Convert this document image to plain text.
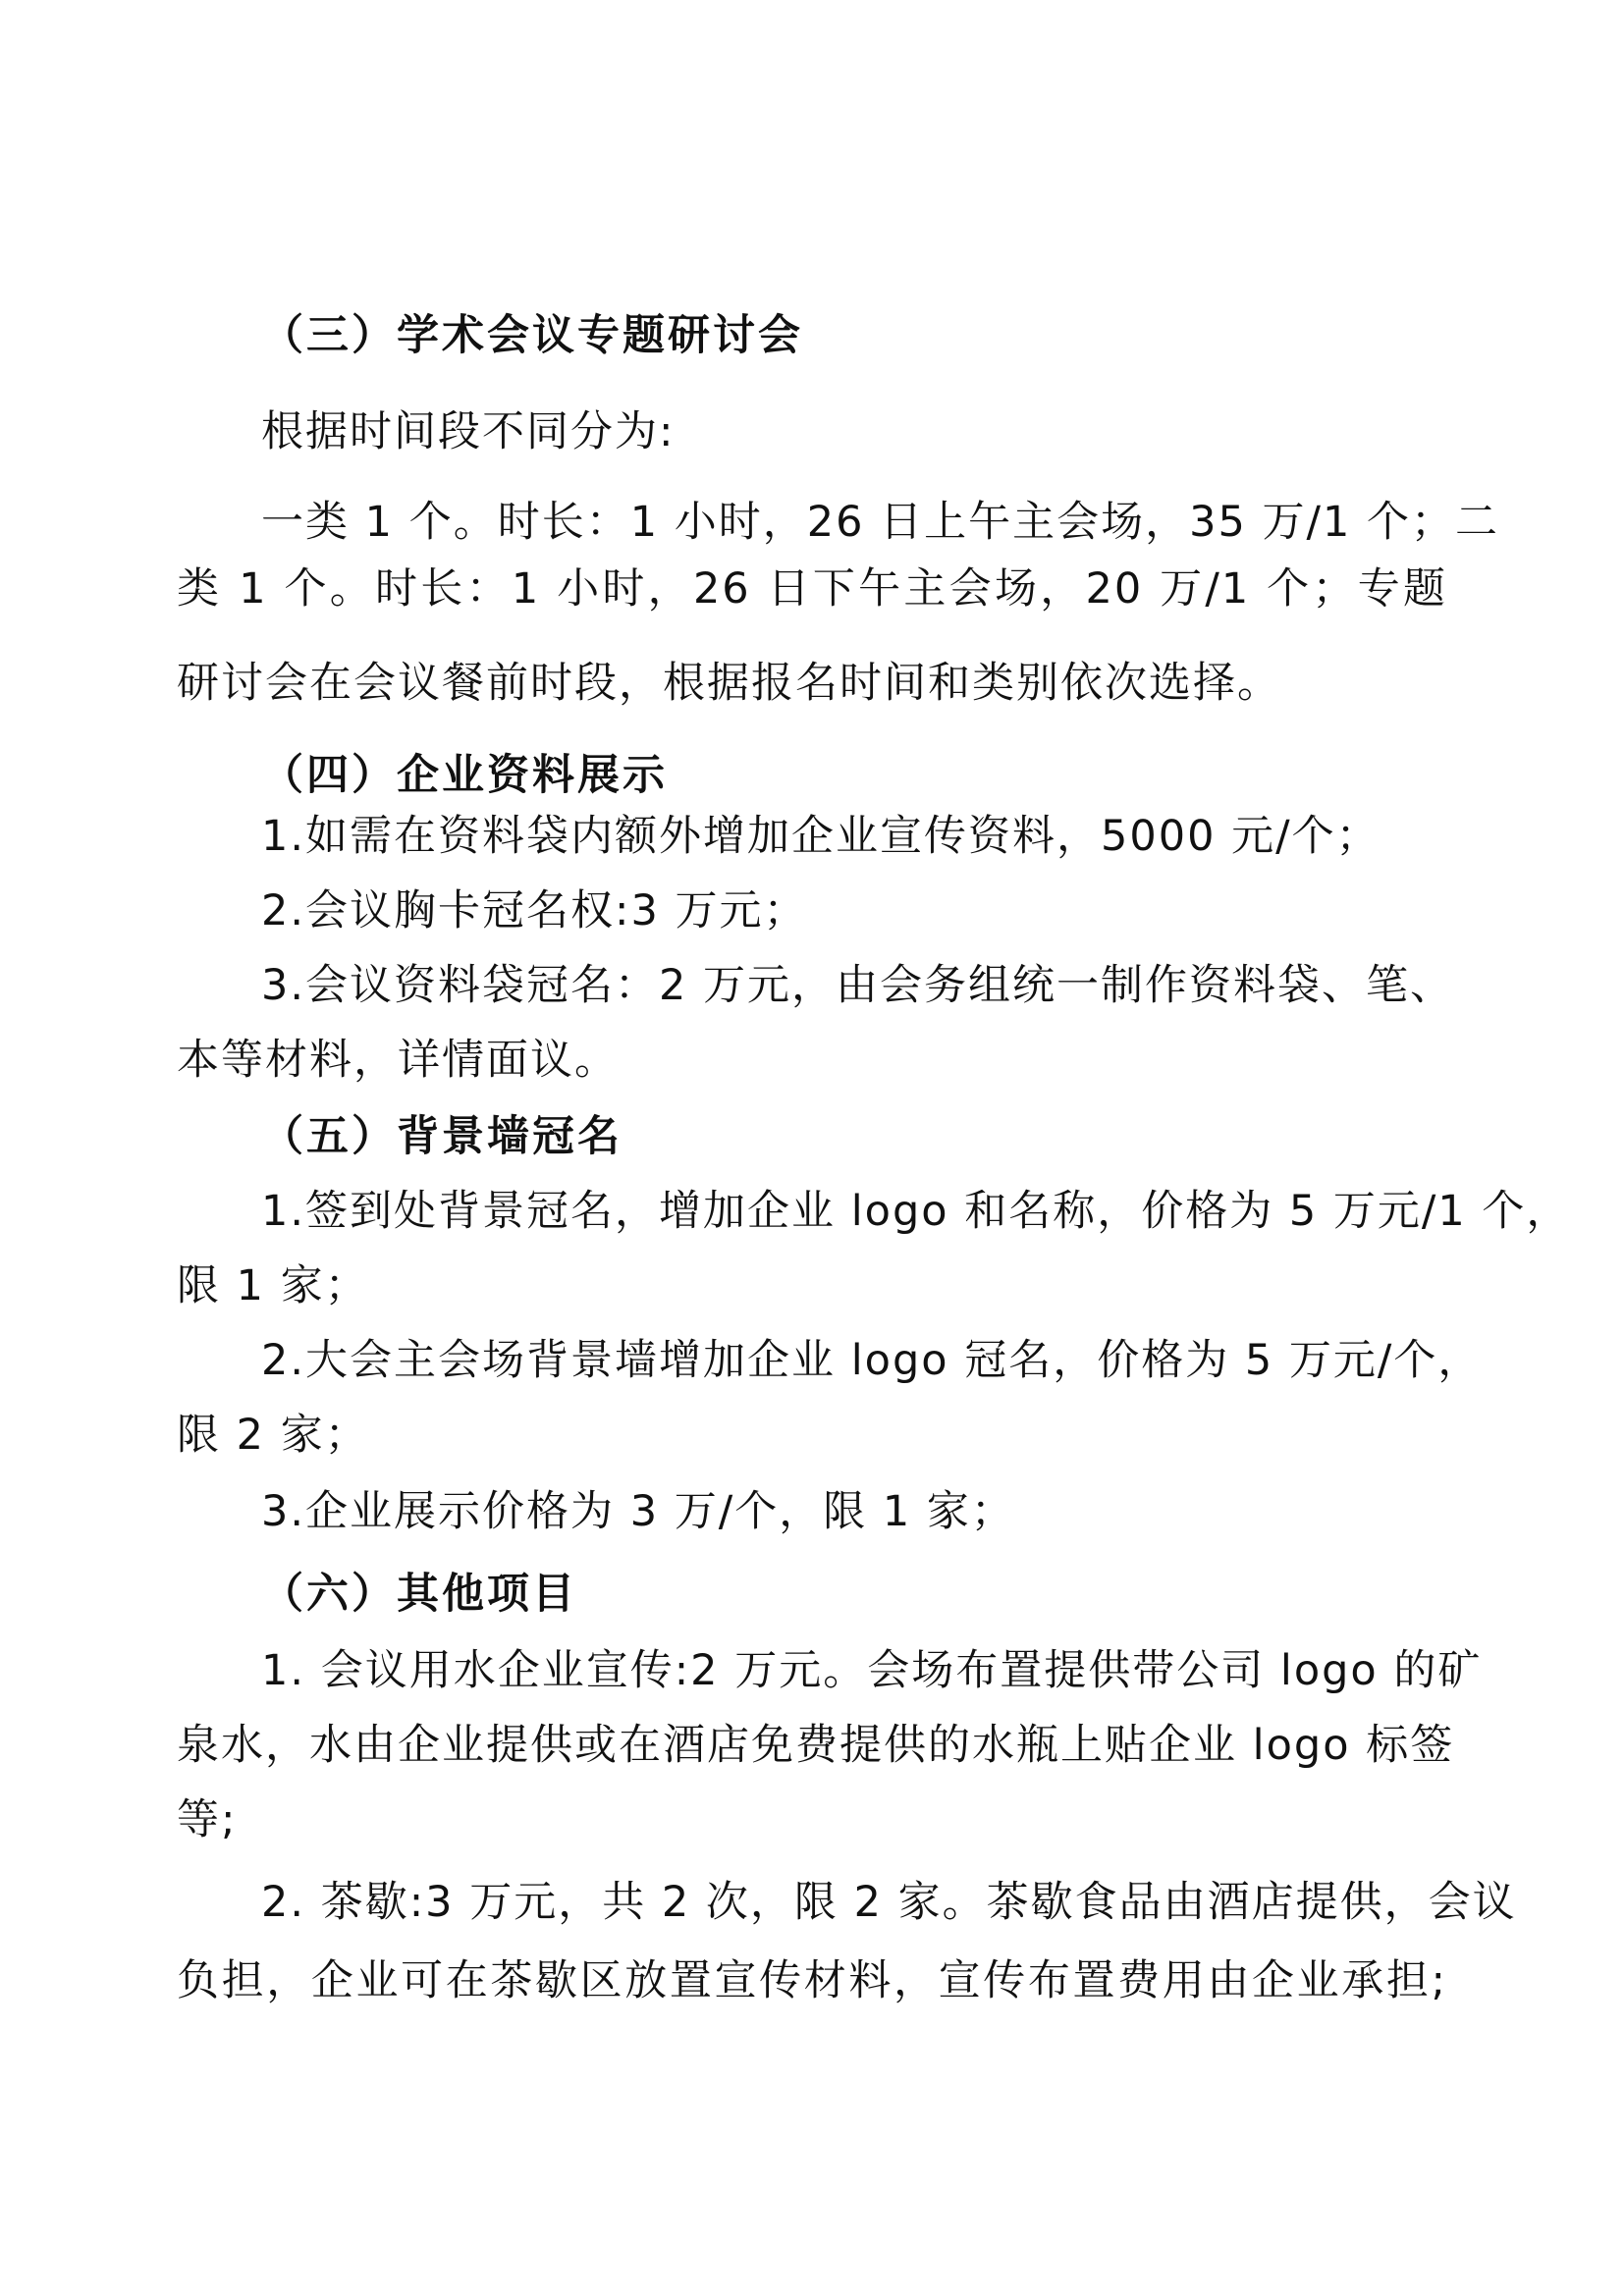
（三）学术会议专题研讨会
根据时间段不同分为:
一类 1 个。时长：1 小时，26 日上午主会场，35 万/1 个；二
类 1 个。时长：1 小时，26 日下午主会场，20 万/1 个；专题
研讨会在会议餐前时段，根据报名时间和类别依次选择。
（四）企业资料展示
1.如需在资料袋内额外增加企业宣传资料，5000 元/个；
2.会议胸卡冠名权:3 万元；
3.会议资料袋冠名：2 万元，由会务组统一制作资料袋、笔、
本等材料，详情面议。
（五）背景墙冠名
1.签到处背景冠名，增加企业 logo 和名称，价格为 5 万元/1 个，
限 1 家；
2.大会主会场背景墙增加企业 logo 冠名，价格为 5 万元/个，
限 2 家；
3.企业展示价格为 3 万/个，限 1 家；
（六）其他项目
1. 会议用水企业宣传:2 万元。会场布置提供带公司 logo 的矿
泉水，水由企业提供或在酒店免费提供的水瓶上贴企业 logo 标签
等;
2. 茶歇:3 万元，共 2 次，限 2 家。茶歇食品由酒店提供，会议
负担，企业可在茶歇区放置宣传材料，宣传布置费用由企业承担;
